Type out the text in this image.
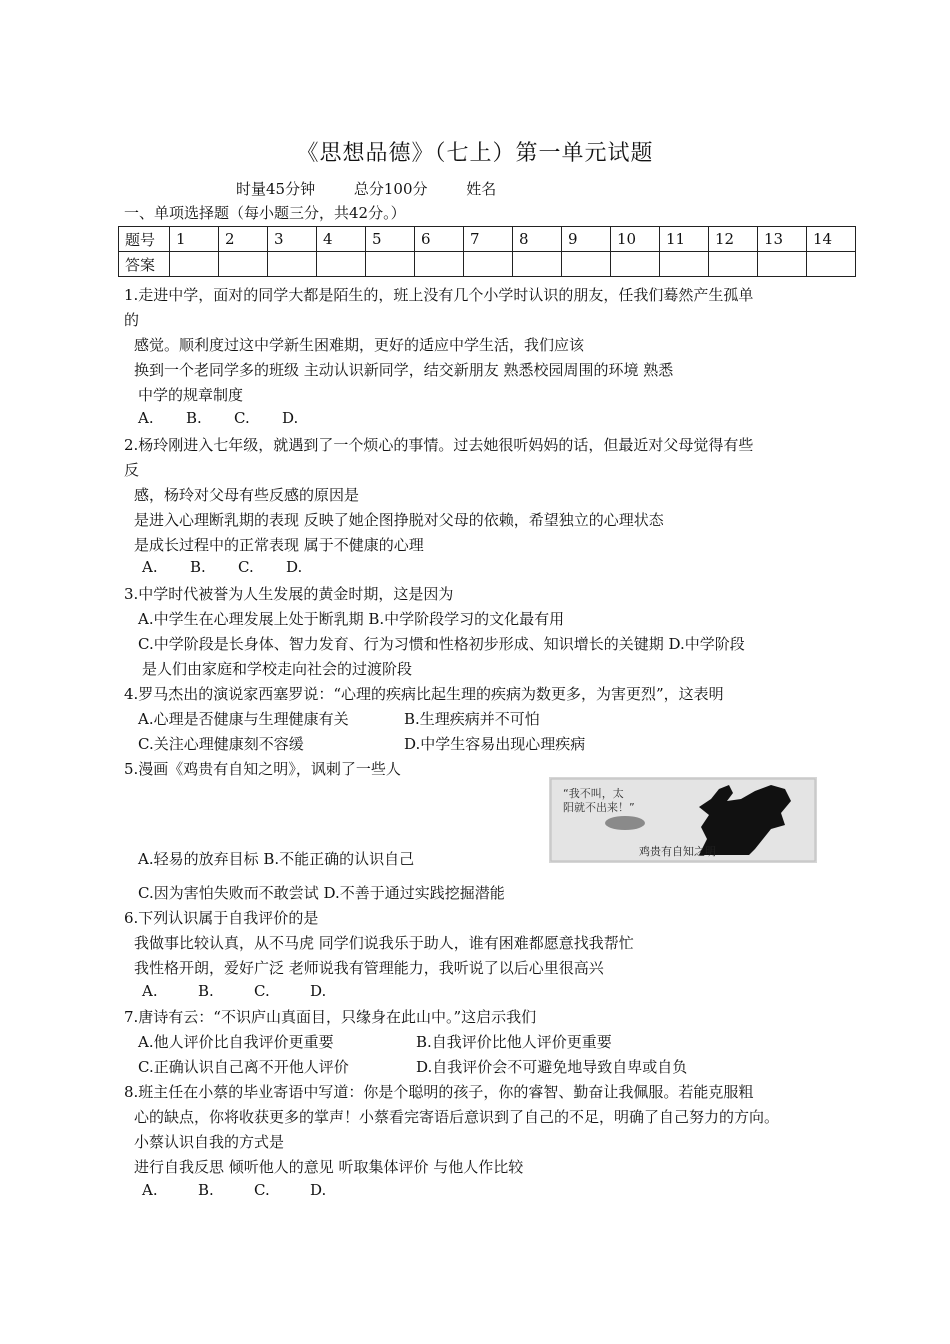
《思想品德》（七上）第一单元试题
时量45分钟	总分100分	姓名
一、单项选择题（每小题三分，共42分。）
题号	1	2	3	4	5	6	7	8	9	10	11	12	13	14
答案														
1.走进中学，面对的同学大都是陌生的，班上没有几个小学时认识的朋友，任我们蓦然产生孤单
的
感觉。顺利度过这中学新生困难期，更好的适应中学生活，我们应该
换到一个老同学多的班级 主动认识新同学，结交新朋友 熟悉校园周围的环境 熟悉
中学的规章制度
A. B. C. D.
2.杨玲刚进入七年级，就遇到了一个烦心的事情。过去她很听妈妈的话，但最近对父母觉得有些
反
感，杨玲对父母有些反感的原因是
是进入心理断乳期的表现 反映了她企图挣脱对父母的依赖，希望独立的心理状态
是成长过程中的正常表现 属于不健康的心理
A. B. C. D.
3.中学时代被誉为人生发展的黄金时期，这是因为
A.中学生在心理发展上处于断乳期 B.中学阶段学习的文化最有用
C.中学阶段是长身体、智力发育、行为习惯和性格初步形成、知识增长的关键期 D.中学阶段
是人们由家庭和学校走向社会的过渡阶段
4.罗马杰出的演说家西塞罗说：“心理的疾病比起生理的疾病为数更多，为害更烈”，这表明
A.心理是否健康与生理健康有关	B.生理疾病并不可怕
C.关注心理健康刻不容缓	D.中学生容易出现心理疾病
5.漫画《鸡贵有自知之明》，讽刺了一些人
“我不叫，太
阳就不出来！”
鸡贵有自知之明
A.轻易的放弃目标 B.不能正确的认识自己
C.因为害怕失败而不敢尝试 D.不善于通过实践挖掘潜能
6.下列认识属于自我评价的是
我做事比较认真，从不马虎 同学们说我乐于助人，谁有困难都愿意找我帮忙
我性格开朗，爱好广泛 老师说我有管理能力，我听说了以后心里很高兴
A.	B.	C.	D.
7.唐诗有云：“不识庐山真面目，只缘身在此山中。”这启示我们
A.他人评价比自我评价更重要	B.自我评价比他人评价更重要
C.正确认识自己离不开他人评价	D.自我评价会不可避免地导致自卑或自负
8.班主任在小蔡的毕业寄语中写道：你是个聪明的孩子，你的睿智、勤奋让我佩服。若能克服粗
心的缺点，你将收获更多的掌声！小蔡看完寄语后意识到了自己的不足，明确了自己努力的方向。
小蔡认识自我的方式是
进行自我反思 倾听他人的意见 听取集体评价 与他人作比较
A.	B.	C.	D.
